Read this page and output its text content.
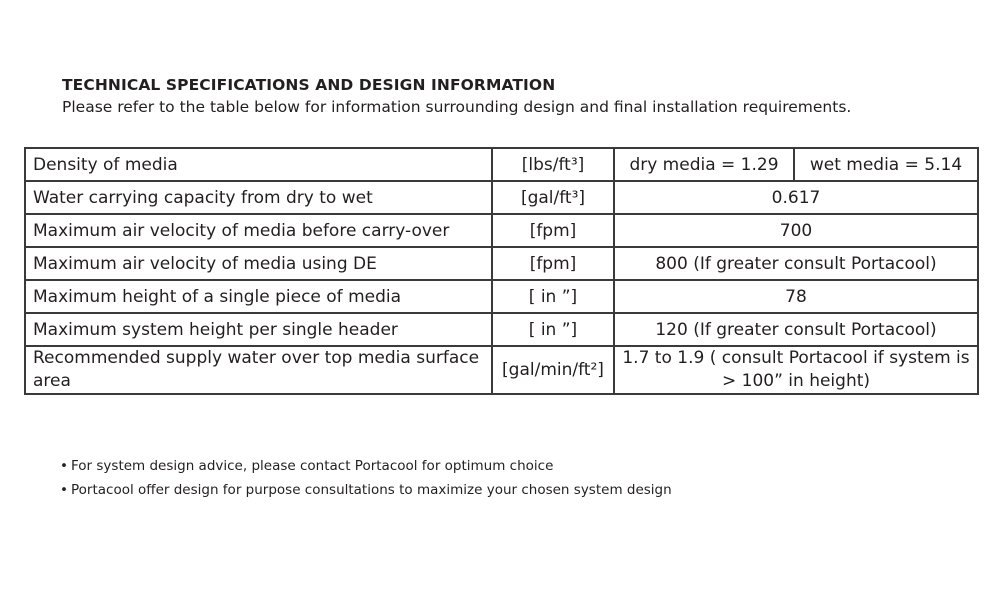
TECHNICAL SPECIFICATIONS AND DESIGN INFORMATION
Please refer to the table below for information surrounding design and final installation requirements.
Density of media	[lbs/ft³]	dry media = 1.29	wet media = 5.14
Water carrying capacity from dry to wet	[gal/ft³]	0.617	
Maximum air velocity of media before carry-over	[fpm]	700	
Maximum air velocity of media using DE	[fpm]	800 (If greater consult Portacool)	
Maximum height of a single piece of media	[ in ”]	78	
Maximum system height per single header	[ in ”]	120 (If greater consult Portacool)	
Recommended supply water over top media surface area	[gal/min/ft²]	1.7 to 1.9 ( consult Portacool if system is > 100” in height)	
• For system design advice, please contact Portacool for optimum choice
• Portacool offer design for purpose consultations to maximize your chosen system design
